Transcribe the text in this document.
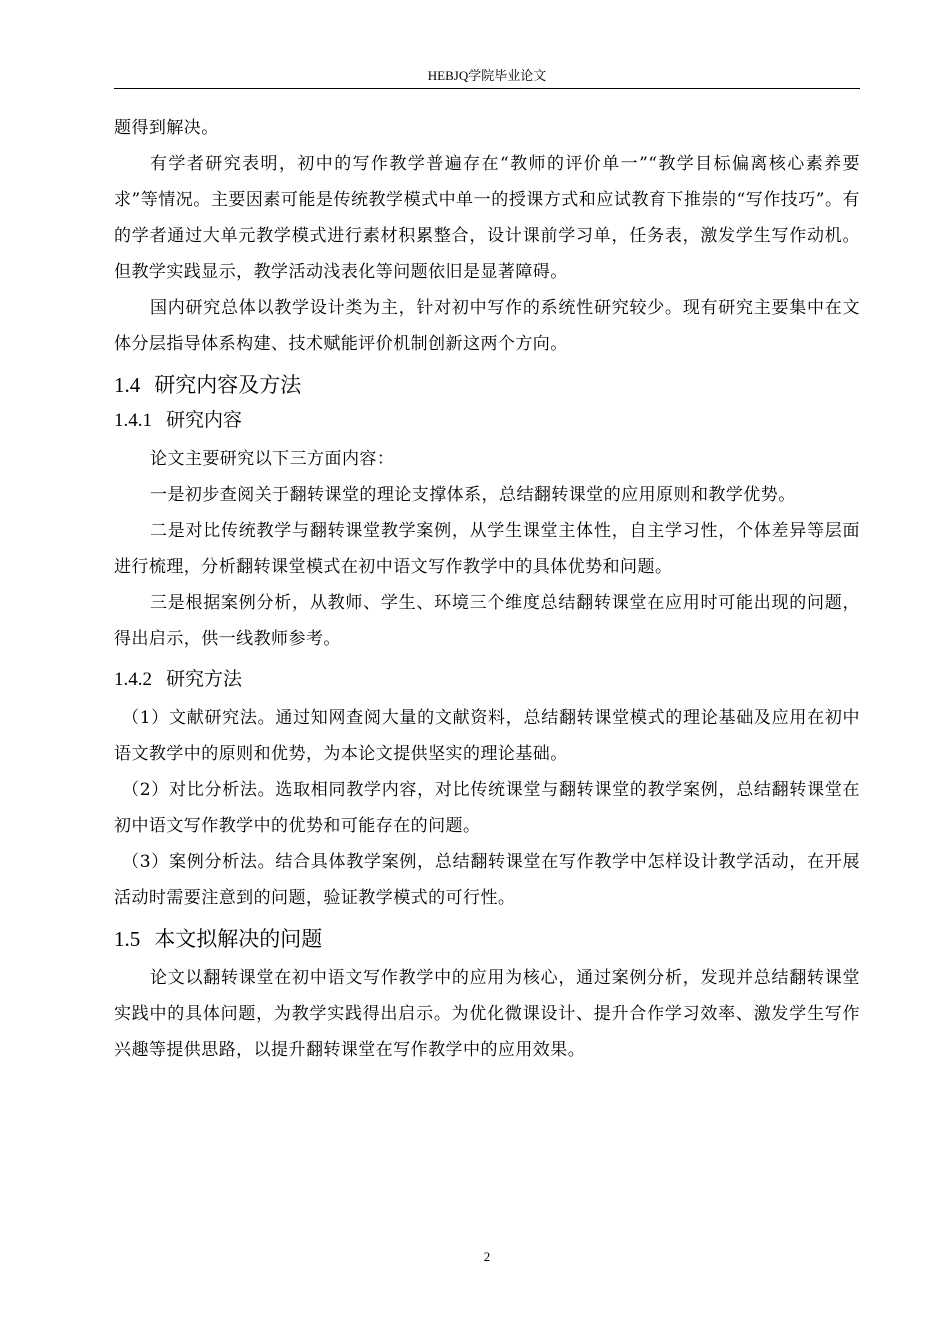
HEBJQ学院毕业论文

题得到解决。

有学者研究表明，初中的写作教学普遍存在“教师的评价单一”“教学目标偏离核心素养要求”等情况。主要因素可能是传统教学模式中单一的授课方式和应试教育下推崇的“写作技巧”。有的学者通过大单元教学模式进行素材积累整合，设计课前学习单，任务表，激发学生写作动机。但教学实践显示，教学活动浅表化等问题依旧是显著障碍。

国内研究总体以教学设计类为主，针对初中写作的系统性研究较少。现有研究主要集中在文体分层指导体系构建、技术赋能评价机制创新这两个方向。

1.4 研究内容及方法
1.4.1 研究内容

论文主要研究以下三方面内容：

一是初步查阅关于翻转课堂的理论支撑体系，总结翻转课堂的应用原则和教学优势。

二是对比传统教学与翻转课堂教学案例，从学生课堂主体性，自主学习性，个体差异等层面进行梳理，分析翻转课堂模式在初中语文写作教学中的具体优势和问题。

三是根据案例分析，从教师、学生、环境三个维度总结翻转课堂在应用时可能出现的问题，得出启示，供一线教师参考。

1.4.2 研究方法

（1）文献研究法。通过知网查阅大量的文献资料，总结翻转课堂模式的理论基础及应用在初中语文教学中的原则和优势，为本论文提供坚实的理论基础。

（2）对比分析法。选取相同教学内容，对比传统课堂与翻转课堂的教学案例，总结翻转课堂在初中语文写作教学中的优势和可能存在的问题。

（3）案例分析法。结合具体教学案例，总结翻转课堂在写作教学中怎样设计教学活动，在开展活动时需要注意到的问题，验证教学模式的可行性。

1.5 本文拟解决的问题

论文以翻转课堂在初中语文写作教学中的应用为核心，通过案例分析，发现并总结翻转课堂实践中的具体问题，为教学实践得出启示。为优化微课设计、提升合作学习效率、激发学生写作兴趣等提供思路，以提升翻转课堂在写作教学中的应用效果。

2
